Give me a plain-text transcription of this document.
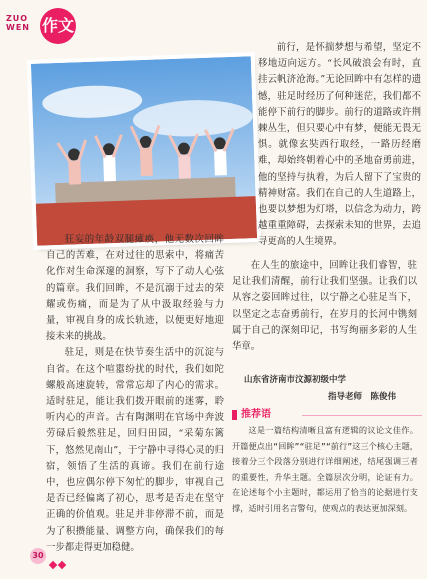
ZUO
WEN 作文

前行，是怀揣梦想与希望，坚定不移地迈向远方。“长风破浪会有时，直挂云帆济沧海。”无论回眸中有怎样的遗憾，驻足时经历了何种迷茫，我们都不能停下前行的脚步。前行的道路或许荆棘丛生，但只要心中有梦，便能无畏无惧。就像玄奘西行取经，一路历经磨难，却始终朝着心中的圣地奋勇前进，他的坚持与执着，为后人留下了宝贵的精神财富。我们在自己的人生道路上，也要以梦想为灯塔，以信念为动力，跨越重重障碍，去探索未知的世界，去追寻更高的人生境界。

狂妄的年龄双腿瘫痪，他无数次回眸自己的苦难，在对过往的思索中，将痛苦化作对生命深邃的洞察，写下了动人心弦的篇章。我们回眸，不是沉溺于过去的荣耀或伤痛，而是为了从中汲取经验与力量，审视自身的成长轨迹，以便更好地迎接未来的挑战。

驻足，则是在快节奏生活中的沉淀与自省。在这个喧嚣纷扰的时代，我们如陀螺般高速旋转，常常忘却了内心的需求。适时驻足，能让我们拨开眼前的迷雾，聆听内心的声音。古有陶渊明在官场中奔波劳碌后毅然驻足，回归田园，“采菊东篱下，悠然见南山”，于宁静中寻得心灵的归宿，领悟了生活的真谛。我们在前行途中，也应偶尔停下匆忙的脚步，审视自己是否已经偏离了初心，思考是否走在坚守正确的价值观。驻足并非停滞不前，而是为了积攒能量、调整方向，确保我们的每一步都走得更加稳健。

在人生的旅途中，回眸让我们睿智，驻足让我们清醒，前行让我们坚强。让我们以从容之姿回眸过往，以宁静之心驻足当下，以坚定之志奋勇前行，在岁月的长河中镌刻属于自己的深刻印记，书写绚丽多彩的人生华章。

山东省济南市汶源初级中学
指导老师　陈俊伟
推荐语

这是一篇结构清晰且富有逻辑的议论文佳作。开篇便点出“回眸”“驻足”“前行”这三个核心主题，接着分三个段落分别进行详细阐述，结尾强调三者的重要性，升华主题。全篇层次分明，论证有力。在论述每个小主题时，都运用了恰当的论据进行支撑，适时引用名言警句，使观点的表达更加深刻。

30
